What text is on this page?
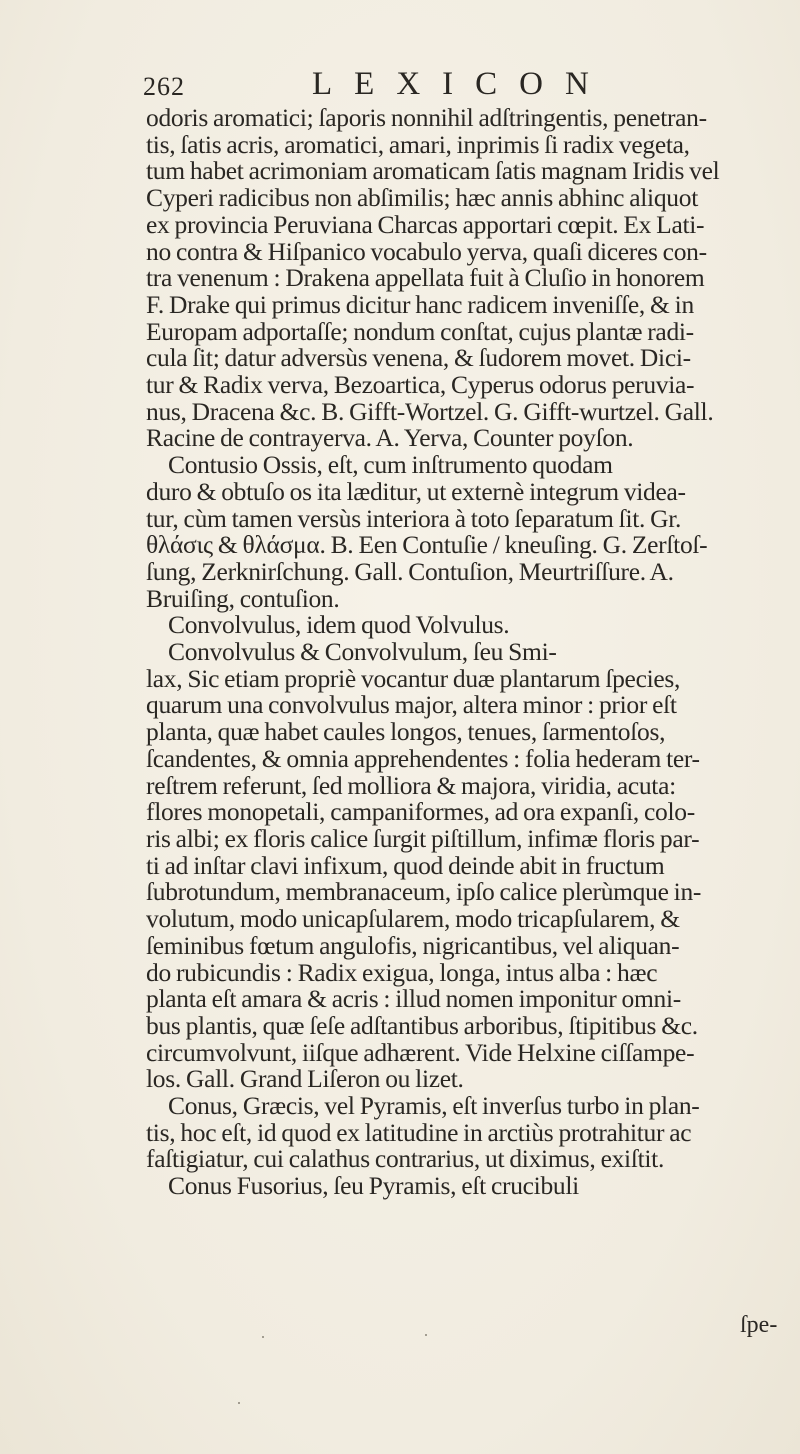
262	LEXICON
odoris aromatici; ſaporis nonnihil adſtringentis, penetran-
tis, ſatis acris, aromatici, amari, inprimis ſi radix vegeta,
tum habet acrimoniam aromaticam ſatis magnam Iridis vel
Cyperi radicibus non abſimilis; hæc annis abhinc aliquot
ex provincia Peruviana Charcas apportari cœpit. Ex Lati-
no contra & Hiſpanico vocabulo yerva, quaſi diceres con-
tra venenum : Drakena appellata fuit à Cluſio in honorem
F. Drake qui primus dicitur hanc radicem inveniſſe, & in
Europam adportaſſe; nondum conſtat, cujus plantæ radi-
cula ſit; datur adversùs venena, & ſudorem movet. Dici-
tur & Radix verva, Bezoartica, Cyperus odorus peruvia-
nus, Dracena &c. B. Gifft-Wortzel. G. Gifft-wurtzel. Gall.
Racine de contrayerva. A. Yerva, Counter poyſon.
Contusio Ossis, eſt, cum inſtrumento quodam
duro & obtuſo os ita læditur, ut externè integrum videa-
tur, cùm tamen versùs interiora à toto ſeparatum ſit. Gr.
θλάσις & θλάσμα. B. Een Contuſie / kneuſing. G. Zerſtoſ-
ſung, Zerknirſchung. Gall. Contuſion, Meurtriſſure. A.
Bruiſing, contuſion.
Convolvulus, idem quod Volvulus.
Convolvulus & Convolvulum, ſeu Smi-
lax, Sic etiam propriè vocantur duæ plantarum ſpecies,
quarum una convolvulus major, altera minor : prior eſt
planta, quæ habet caules longos, tenues, ſarmentoſos,
ſcandentes, & omnia apprehendentes : folia hederam ter-
reſtrem referunt, ſed molliora & majora, viridia, acuta:
flores monopetali, campaniformes, ad ora expanſi, colo-
ris albi; ex floris calice ſurgit piſtillum, infimæ floris par-
ti ad inſtar clavi infixum, quod deinde abit in fructum
ſubrotundum, membranaceum, ipſo calice plerùmque in-
volutum, modo unicapſularem, modo tricapſularem, &
ſeminibus fœtum angulofis, nigricantibus, vel aliquan-
do rubicundis : Radix exigua, longa, intus alba : hæc
planta eſt amara & acris : illud nomen imponitur omni-
bus plantis, quæ ſeſe adſtantibus arboribus, ſtipitibus &c.
circumvolvunt, iiſque adhærent. Vide Helxine ciſſampe-
los. Gall. Grand Liſeron ou lizet.
Conus, Græcis, vel Pyramis, eſt inverſus turbo in plan-
tis, hoc eſt, id quod ex latitudine in arctiùs protrahitur ac
faſtigiatur, cui calathus contrarius, ut diximus, exiſtit.
Conus Fusorius, ſeu Pyramis, eſt crucibuli
ſpe-
